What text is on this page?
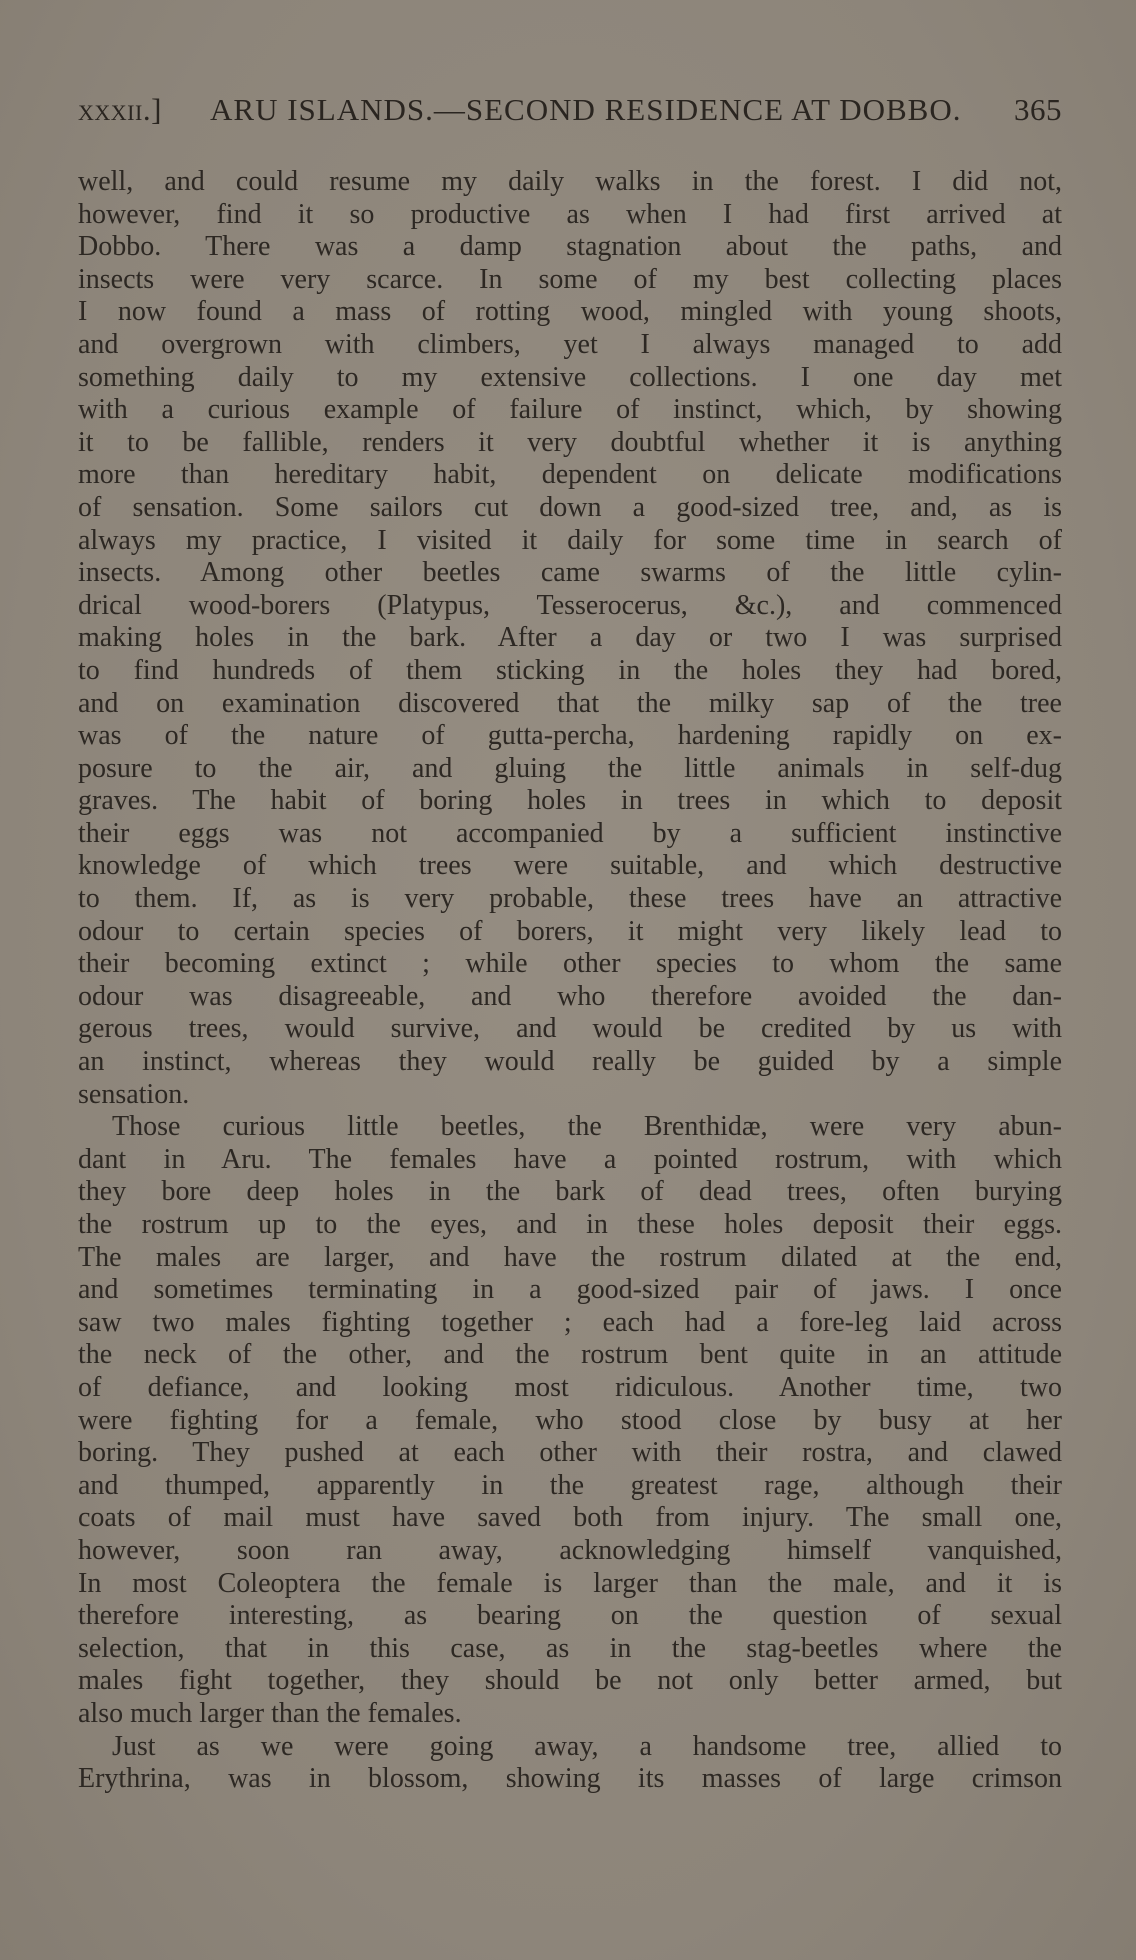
xxxii.] ARU ISLANDS.—SECOND RESIDENCE AT DOBBO. 365
well, and could resume my daily walks in the forest. I did not,
however, find it so productive as when I had first arrived at
Dobbo. There was a damp stagnation about the paths, and
insects were very scarce. In some of my best collecting places
I now found a mass of rotting wood, mingled with young shoots,
and overgrown with climbers, yet I always managed to add
something daily to my extensive collections. I one day met
with a curious example of failure of instinct, which, by showing
it to be fallible, renders it very doubtful whether it is anything
more than hereditary habit, dependent on delicate modifications
of sensation. Some sailors cut down a good-sized tree, and, as is
always my practice, I visited it daily for some time in search of
insects. Among other beetles came swarms of the little cylin-
drical wood-borers (Platypus, Tesserocerus, &c.), and commenced
making holes in the bark. After a day or two I was surprised
to find hundreds of them sticking in the holes they had bored,
and on examination discovered that the milky sap of the tree
was of the nature of gutta-percha, hardening rapidly on ex-
posure to the air, and gluing the little animals in self-dug
graves. The habit of boring holes in trees in which to deposit
their eggs was not accompanied by a sufficient instinctive
knowledge of which trees were suitable, and which destructive
to them. If, as is very probable, these trees have an attractive
odour to certain species of borers, it might very likely lead to
their becoming extinct ; while other species to whom the same
odour was disagreeable, and who therefore avoided the dan-
gerous trees, would survive, and would be credited by us with
an instinct, whereas they would really be guided by a simple
sensation.
Those curious little beetles, the Brenthidæ, were very abun-
dant in Aru. The females have a pointed rostrum, with which
they bore deep holes in the bark of dead trees, often burying
the rostrum up to the eyes, and in these holes deposit their eggs.
The males are larger, and have the rostrum dilated at the end,
and sometimes terminating in a good-sized pair of jaws. I once
saw two males fighting together ; each had a fore-leg laid across
the neck of the other, and the rostrum bent quite in an attitude
of defiance, and looking most ridiculous. Another time, two
were fighting for a female, who stood close by busy at her
boring. They pushed at each other with their rostra, and clawed
and thumped, apparently in the greatest rage, although their
coats of mail must have saved both from injury. The small one,
however, soon ran away, acknowledging himself vanquished,
In most Coleoptera the female is larger than the male, and it is
therefore interesting, as bearing on the question of sexual
selection, that in this case, as in the stag-beetles where the
males fight together, they should be not only better armed, but
also much larger than the females.
Just as we were going away, a handsome tree, allied to
Erythrina, was in blossom, showing its masses of large crimson
